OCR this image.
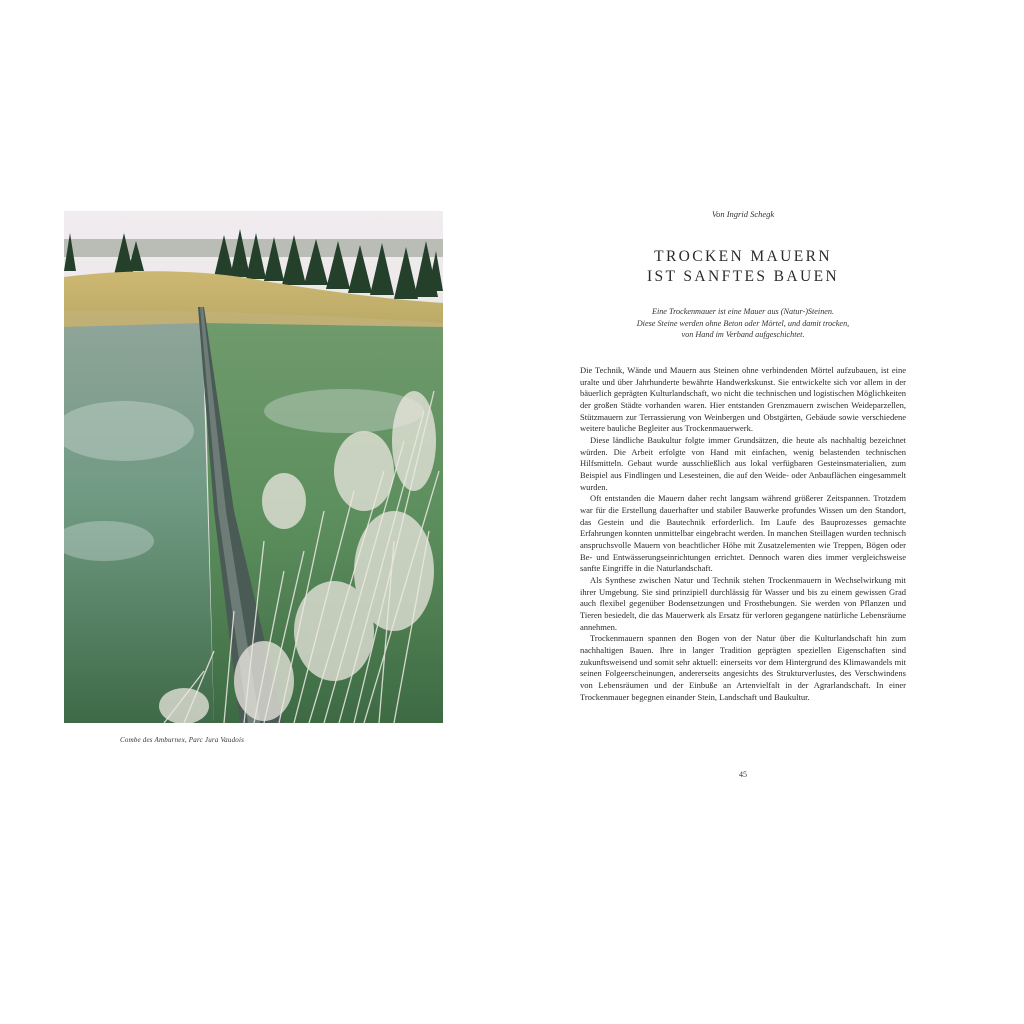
Combe des Amburnex, Parc Jura Vaudois
Von Ingrid Schegk
TROCKEN MAUERN
IST SANFTES BAUEN

Eine Trockenmauer ist eine Mauer aus (Natur-)Steinen.
Diese Steine werden ohne Beton oder Mörtel, und damit trocken,
von Hand im Verband aufgeschichtet.

Die Technik, Wände und Mauern aus Steinen ohne verbindenden Mörtel aufzubauen, ist eine uralte und über Jahrhunderte bewährte Handwerkskunst. Sie entwickelte sich vor allem in der bäuerlich geprägten Kulturlandschaft, wo nicht die technischen und logistischen Möglichkeiten der großen Städte vorhanden waren. Hier entstanden Grenzmauern zwischen Weideparzellen, Stützmauern zur Terrassierung von Weinbergen und Obstgärten, Gebäude sowie verschiedene weitere bauliche Begleiter aus Trockenmauerwerk.

Diese ländliche Baukultur folgte immer Grundsätzen, die heute als nachhaltig bezeichnet würden. Die Arbeit erfolgte von Hand mit einfachen, wenig belastenden technischen Hilfsmitteln. Gebaut wurde ausschließlich aus lokal verfügbaren Gesteinsmaterialien, zum Beispiel aus Findlingen und Lesesteinen, die auf den Weide- oder Anbauflächen eingesammelt wurden.

Oft entstanden die Mauern daher recht langsam während größerer Zeitspannen. Trotzdem war für die Erstellung dauerhafter und stabiler Bauwerke profundes Wissen um den Standort, das Gestein und die Bautechnik erforderlich. Im Laufe des Bauprozesses gemachte Erfahrungen konnten unmittelbar eingebracht werden. In manchen Steillagen wurden technisch anspruchsvolle Mauern von beachtlicher Höhe mit Zusatzelementen wie Treppen, Bögen oder Be- und Entwässerungseinrichtungen errichtet. Dennoch waren dies immer vergleichsweise sanfte Eingriffe in die Naturlandschaft.

Als Synthese zwischen Natur und Technik stehen Trockenmauern in Wechselwirkung mit ihrer Umgebung. Sie sind prinzipiell durchlässig für Wasser und bis zu einem gewissen Grad auch flexibel gegenüber Bodensetzungen und Frosthebungen. Sie werden von Pflanzen und Tieren besiedelt, die das Mauerwerk als Ersatz für verloren gegangene natürliche Lebensräume annehmen.

Trockenmauern spannen den Bogen von der Natur über die Kulturlandschaft hin zum nachhaltigen Bauen. Ihre in langer Tradition geprägten speziellen Eigenschaften sind zukunftsweisend und somit sehr aktuell: einerseits vor dem Hintergrund des Klimawandels mit seinen Folgeerscheinungen, andererseits angesichts des Strukturverlustes, des Verschwindens von Lebensräumen und der Einbuße an Artenvielfalt in der Agrarlandschaft. In einer Trockenmauer begegnen einander Stein, Landschaft und Baukultur.

45
